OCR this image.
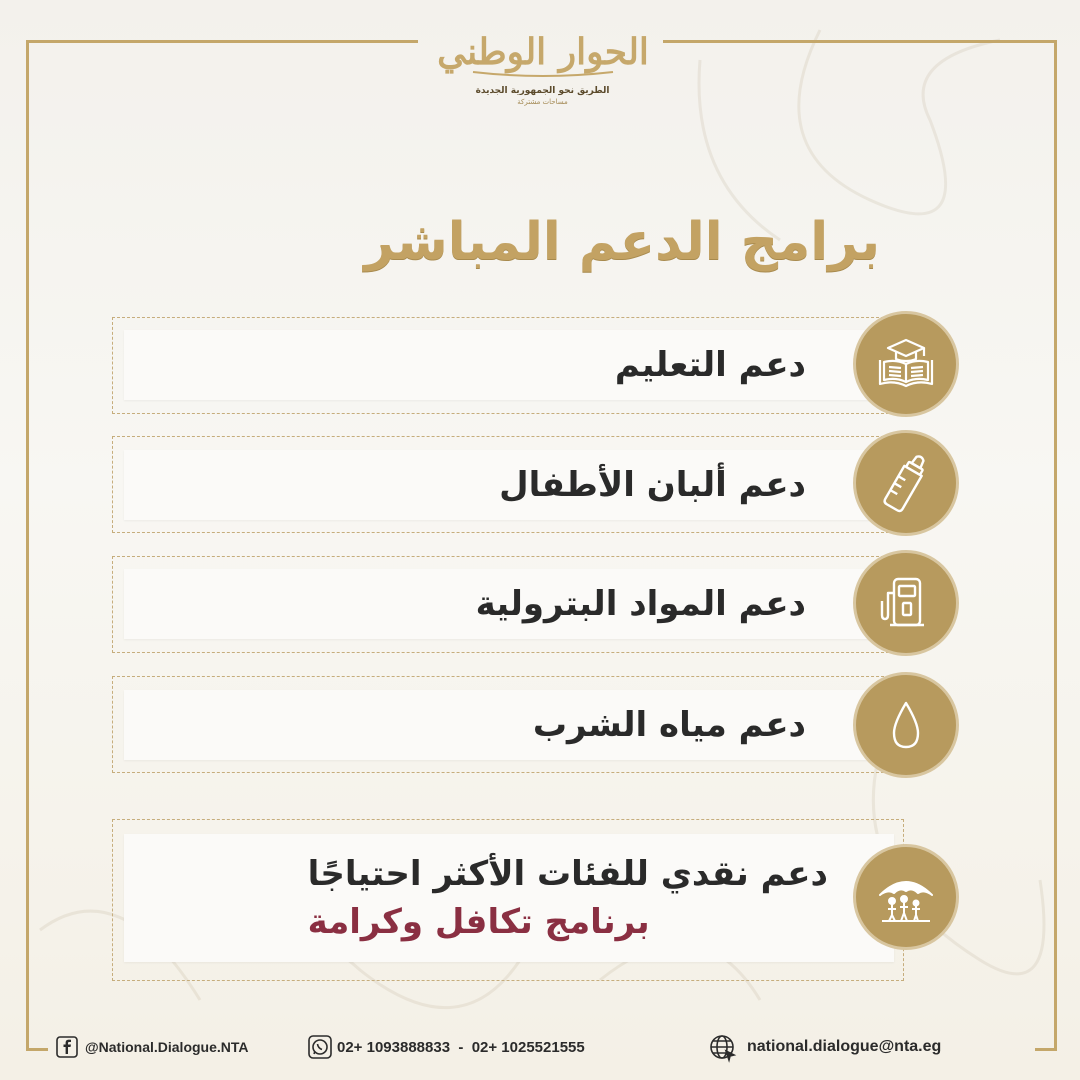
الحوار الوطني
الطريق نحو الجمهورية الجديدة
مساحات مشتركة
برامج الدعم المباشر
دعم التعليم
دعم ألبان الأطفال
دعم المواد البترولية
دعم مياه الشرب
دعم نقدي للفئات الأكثر احتياجًا
برنامج تكافل وكرامة
@National.Dialogue.NTA	02+ 1093888833  -  02+ 1025521555	national.dialogue@nta.eg
